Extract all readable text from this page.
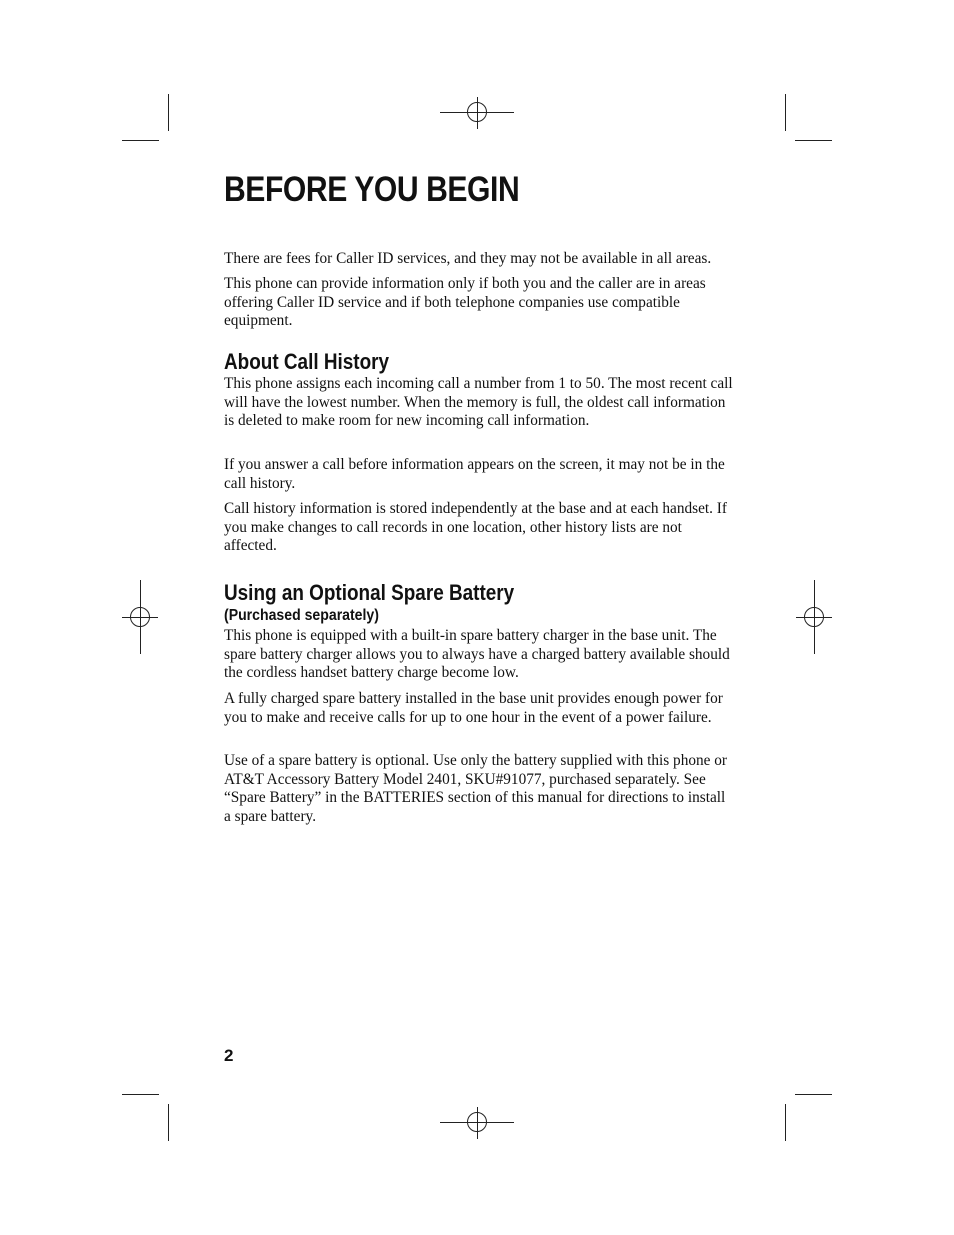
BEFORE YOU BEGIN

There are fees for Caller ID services, and they may not be available in all areas.

This phone can provide information only if both you and the caller are in areas offering Caller ID service and if both telephone companies use compatible equipment.

About Call History

This phone assigns each incoming call a number from 1 to 50. The most recent call will have the lowest number. When the memory is full, the oldest call information is deleted to make room for new incoming call information.

If you answer a call before information appears on the screen, it may not be in the call history.

Call history information is stored independently at the base and at each handset. If you make changes to call records in one location, other history lists are not affected.

Using an Optional Spare Battery
(Purchased separately)

This phone is equipped with a built-in spare battery charger in the base unit. The spare battery charger allows you to always have a charged battery available should the cordless handset battery charge become low.

A fully charged spare battery installed in the base unit provides enough power for you to make and receive calls for up to one hour in the event of a power failure.

Use of a spare battery is optional. Use only the battery supplied with this phone or AT&T Accessory Battery Model 2401, SKU#91077, purchased separately. See “Spare Battery” in the BATTERIES section of this manual for directions to install a spare battery.

2
